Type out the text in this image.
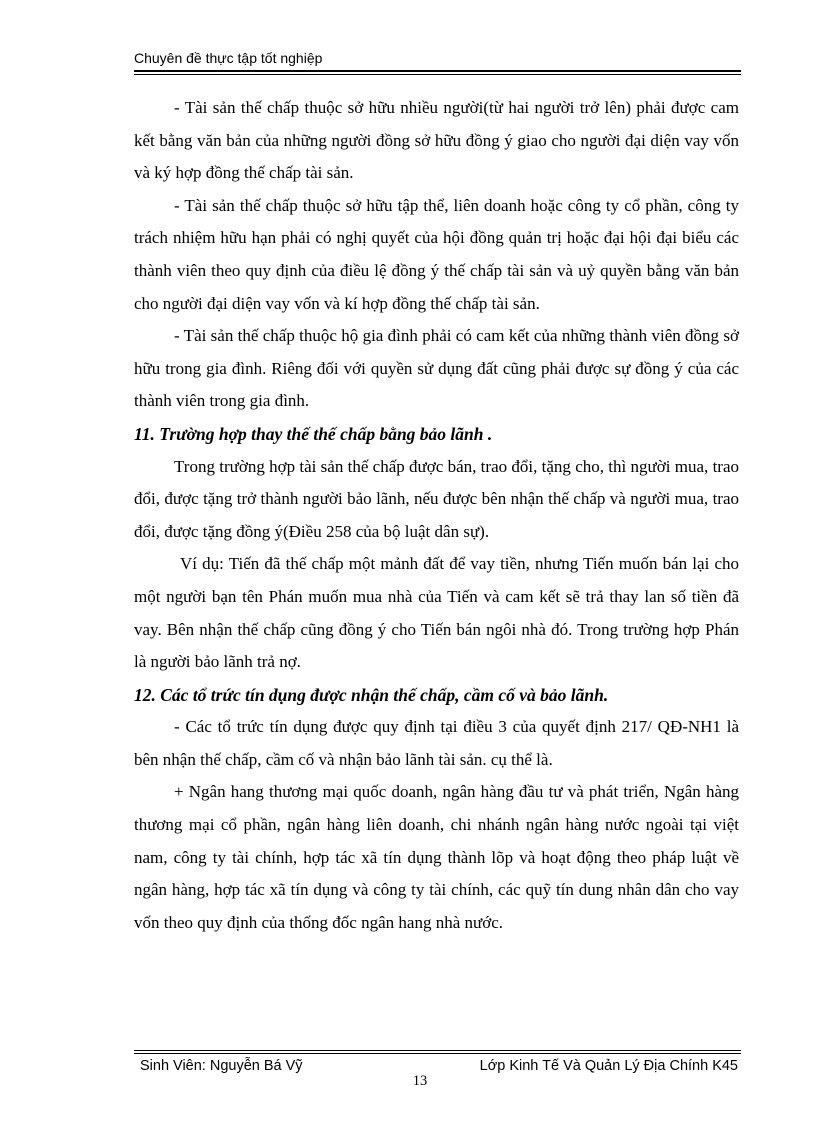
Chuyên đề thực tập tốt nghiệp

- Tài sản thế chấp thuộc sở hữu nhiều người(từ hai người trở lên) phải được cam kết bằng văn bản của những người đồng sở hữu đồng ý giao cho người đại diện vay vốn và ký hợp đồng thế chấp tài sản.

- Tài sản thế chấp thuộc sở hữu tập thể, liên doanh hoặc công ty cổ phần, công ty trách nhiệm hữu hạn phải có nghị quyết của hội đồng quản trị hoặc đại hội đại biểu các thành viên theo quy định của điều lệ đồng ý thế chấp tài sản và uỷ quyền bằng văn bản cho người đại diện vay vốn và kí hợp đồng thế chấp tài sản.

- Tài sản thế chấp thuộc hộ gia đình phải có cam kết của những thành viên đồng sở hữu trong gia đình. Riêng đối với quyền sử dụng đất cũng phải được sự đồng ý của các thành viên trong gia đình.

11. Trường hợp thay thế thế chấp bằng bảo lãnh .

Trong trường hợp tài sản thế chấp được bán, trao đổi, tặng cho, thì người mua, trao đổi, được tặng trở thành người bảo lãnh, nếu được bên nhận thế chấp và người mua, trao đổi, được tặng đồng ý(Điều 258 của bộ luật dân sự).

Ví dụ: Tiến đã thế chấp một mảnh đất để vay tiền, nhưng Tiến muốn bán lại cho một người bạn tên Phán muốn mua nhà của Tiến và cam kết sẽ trả thay lan số tiền đã vay. Bên nhận thế chấp cũng đồng ý cho Tiến bán ngôi nhà đó. Trong trường hợp Phán là người bảo lãnh trả nợ.

12. Các tổ trức tín dụng được nhận thế chấp, cầm cố và bảo lãnh.

- Các tổ trức tín dụng được quy định tại điều 3 của quyết định 217/ QĐ-NH1 là bên nhận thế chấp, cầm cố và nhận bảo lãnh tài sản. cụ thể là.

+ Ngân hang thương mại quốc doanh, ngân hàng đầu tư và phát triển, Ngân hàng thương mại cổ phần, ngân hàng liên doanh, chi nhánh ngân hàng nước ngoài tại việt nam, công ty tài chính, hợp tác xã tín dụng thành lõp và hoạt động theo pháp luật về ngân hàng, hợp tác xã tín dụng và công ty tài chính, các quỹ tín dung nhân dân cho vay vốn theo quy định của thống đốc ngân hang nhà nước.

Sinh Viên: Nguyễn Bá Vỹ	Lớp Kinh Tế Và Quản Lý Địa Chính K45
13
